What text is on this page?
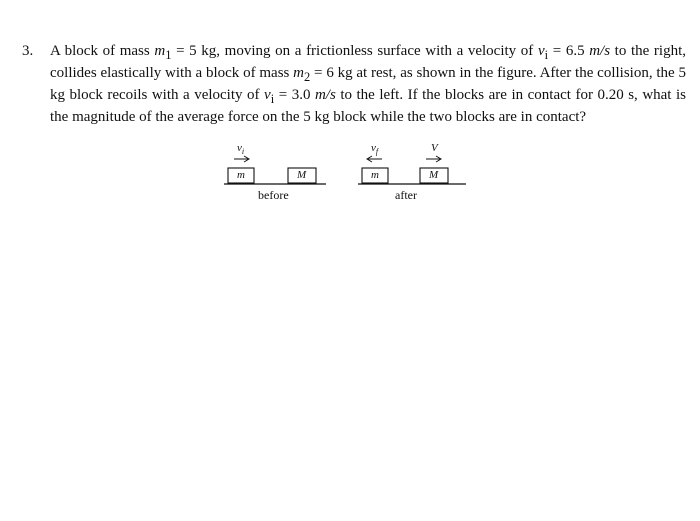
3. A block of mass $m_1 = 5$ kg, moving on a frictionless surface with a velocity of $v_i = 6.5$ m/s to the right, collides elastically with a block of mass $m_2 = 6$ kg at rest, as shown in the figure. After the collision, the 5 kg block recoils with a velocity of $v_i = 3.0$ m/s to the left. If the blocks are in contact for 0.20 s, what is the magnitude of the average force on the 5 kg block while the two blocks are in contact?
$v_i$
m	M
before
$v_f$
m
V
M
after
